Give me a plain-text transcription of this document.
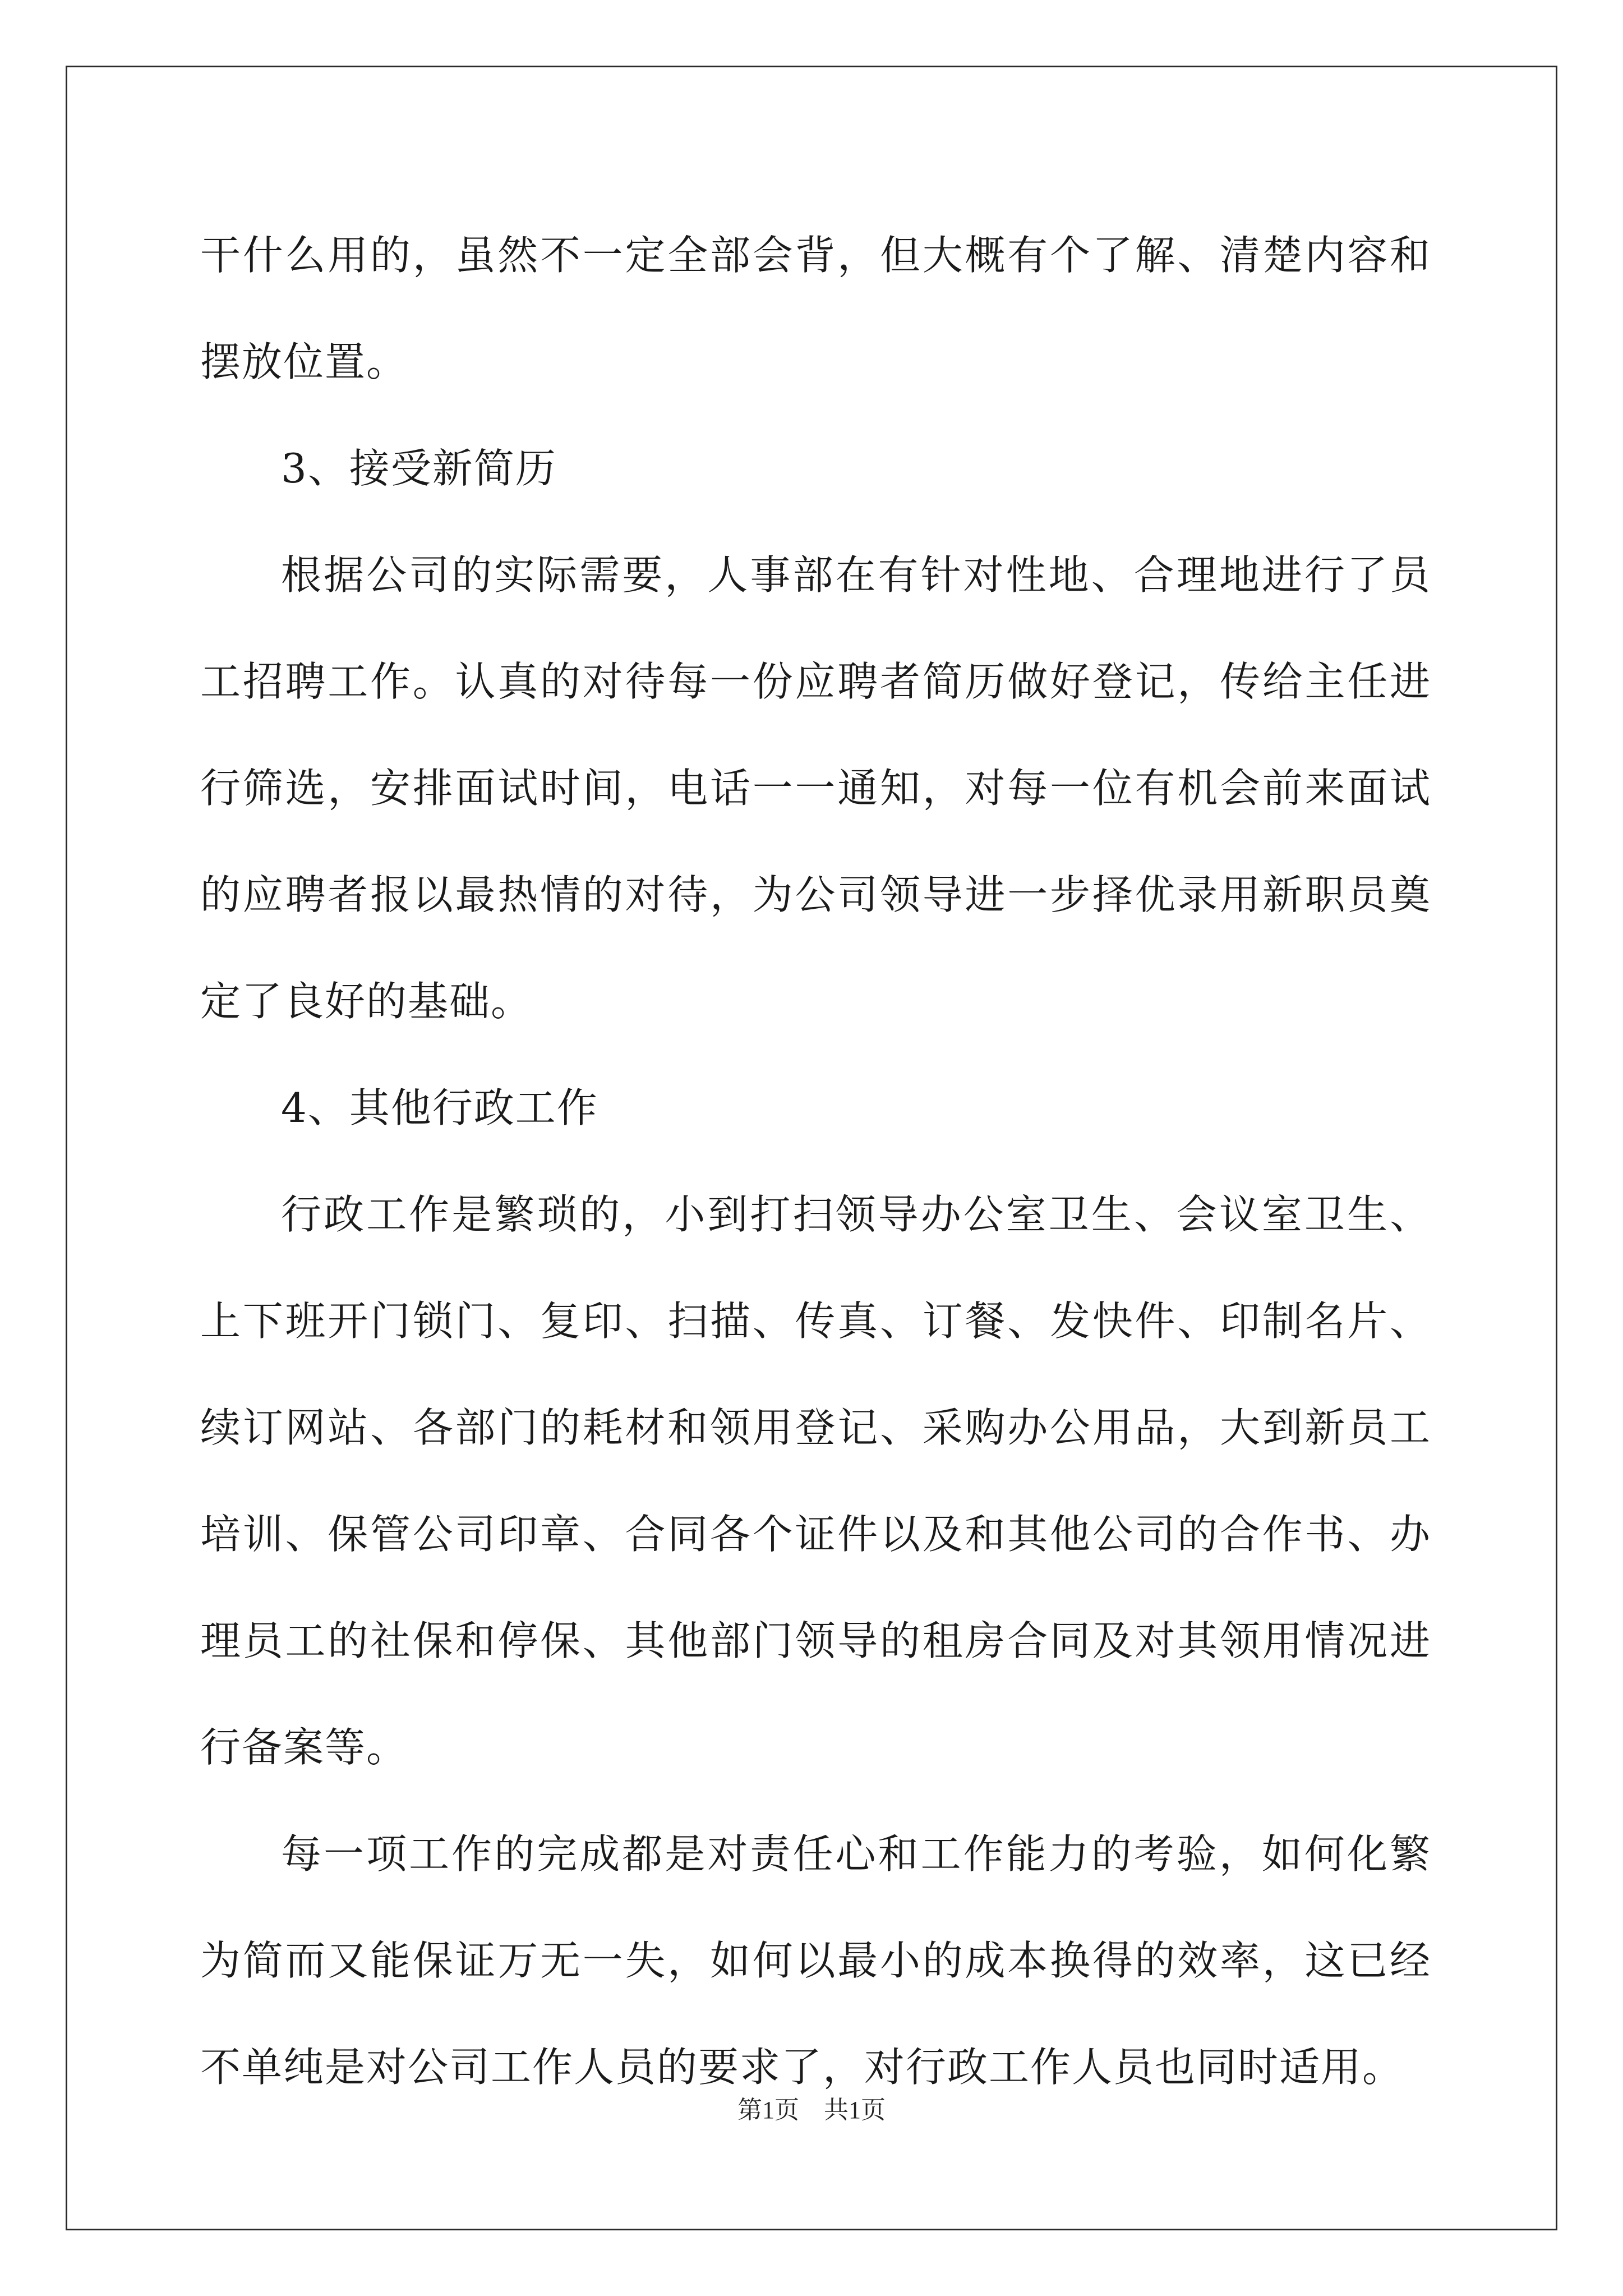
干什么用的，虽然不一定全部会背，但大概有个了解、清楚内容和摆放位置。

3、接受新简历

根据公司的实际需要，人事部在有针对性地、合理地进行了员工招聘工作。认真的对待每一份应聘者简历做好登记，传给主任进行筛选，安排面试时间，电话一一通知，对每一位有机会前来面试的应聘者报以最热情的对待，为公司领导进一步择优录用新职员奠定了良好的基础。

4、其他行政工作

行政工作是繁琐的，小到打扫领导办公室卫生、会议室卫生、上下班开门锁门、复印、扫描、传真、订餐、发快件、印制名片、续订网站、各部门的耗材和领用登记、采购办公用品，大到新员工培训、保管公司印章、合同各个证件以及和其他公司的合作书、办理员工的社保和停保、其他部门领导的租房合同及对其领用情况进行备案等。

每一项工作的完成都是对责任心和工作能力的考验，如何化繁为简而又能保证万无一失，如何以最小的成本换得的效率，这已经不单纯是对公司工作人员的要求了，对行政工作人员也同时适用。

第1页 共1页
